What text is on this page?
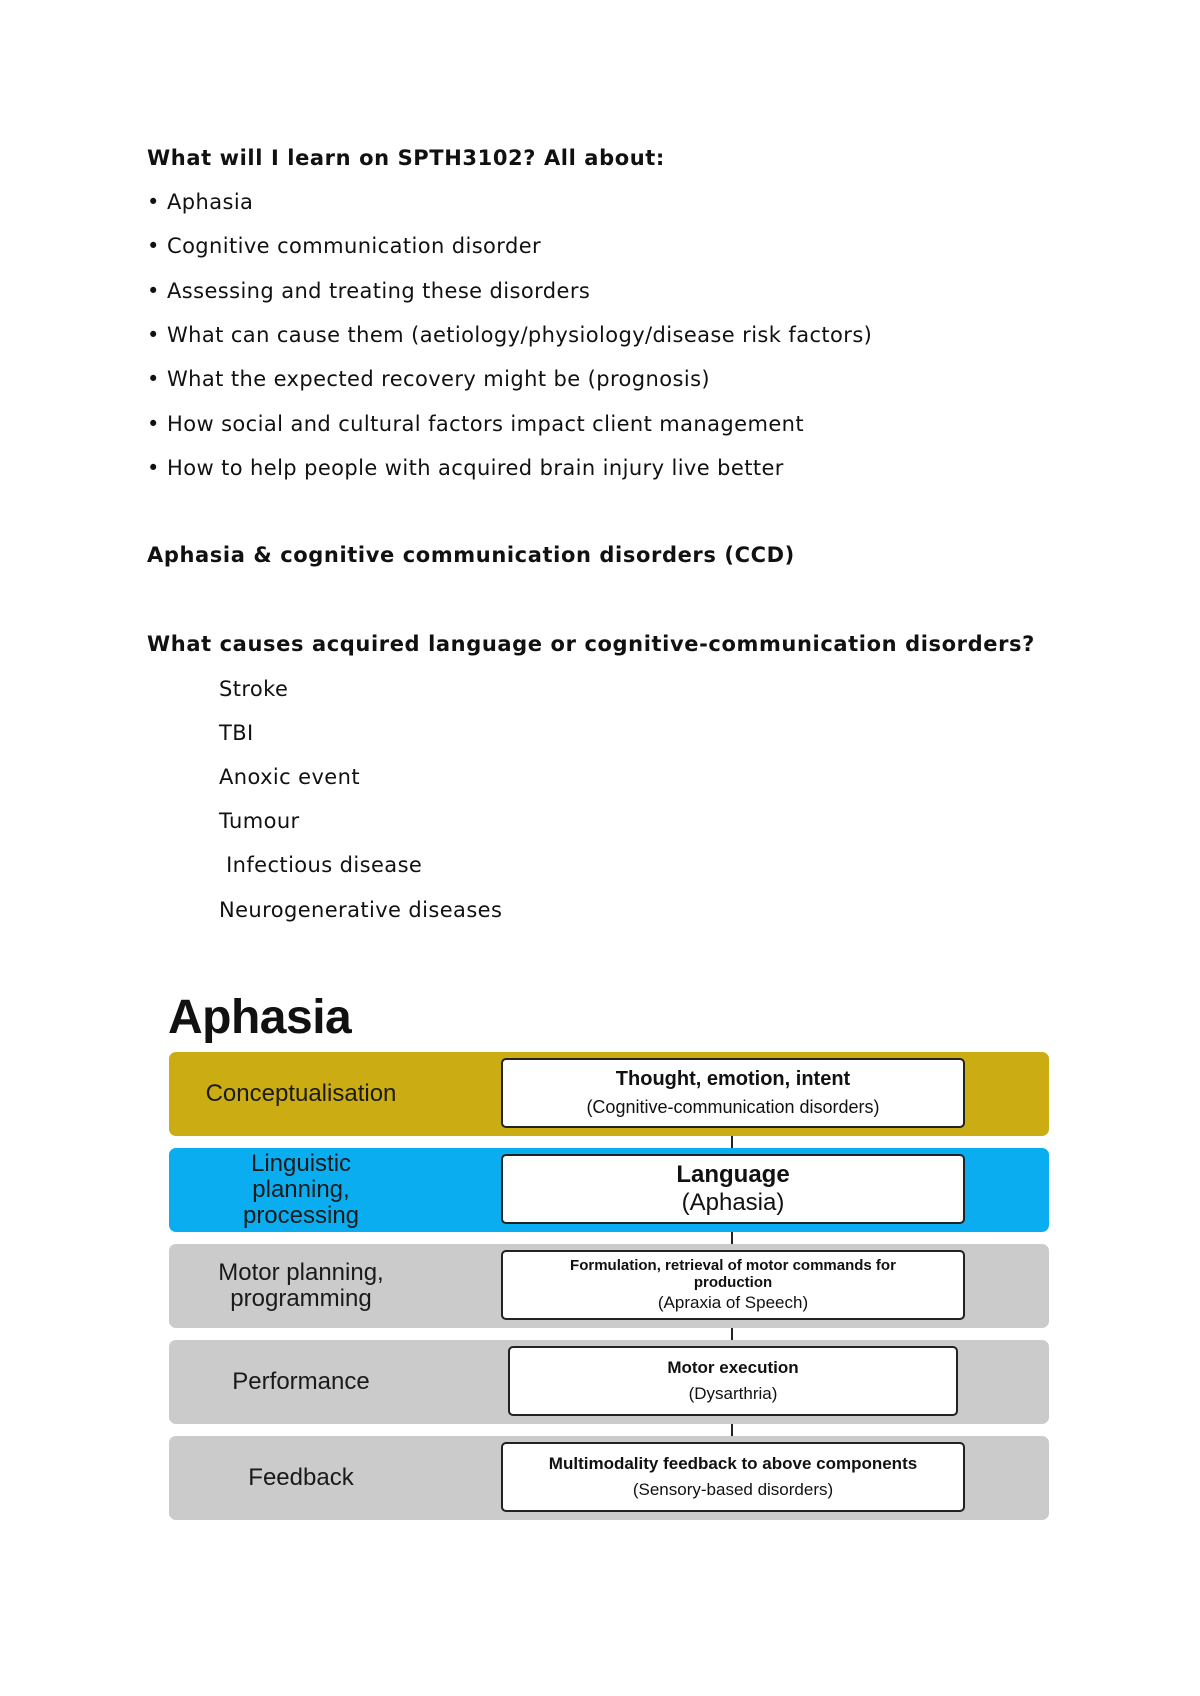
What will I learn on SPTH3102? All about:

• Aphasia

• Cognitive communication disorder

• Assessing and treating these disorders

• What can cause them (aetiology/physiology/disease risk factors)

• What the expected recovery might be (prognosis)

• How social and cultural factors impact client management

• How to help people with acquired brain injury live better

Aphasia & cognitive communication disorders (CCD)
What causes acquired language or cognitive-communication disorders?

Stroke

TBI

Anoxic event

Tumour

Infectious disease

Neurogenerative diseases

Aphasia
Conceptualisation
Thought, emotion, intent
(Cognitive-communication disorders)
Linguistic planning, processing
Language
(Aphasia)
Motor planning, programming
Formulation, retrieval of motor commands for production
(Apraxia of Speech)
Performance
Motor execution
(Dysarthria)
Feedback
Multimodality feedback to above components
(Sensory-based disorders)
